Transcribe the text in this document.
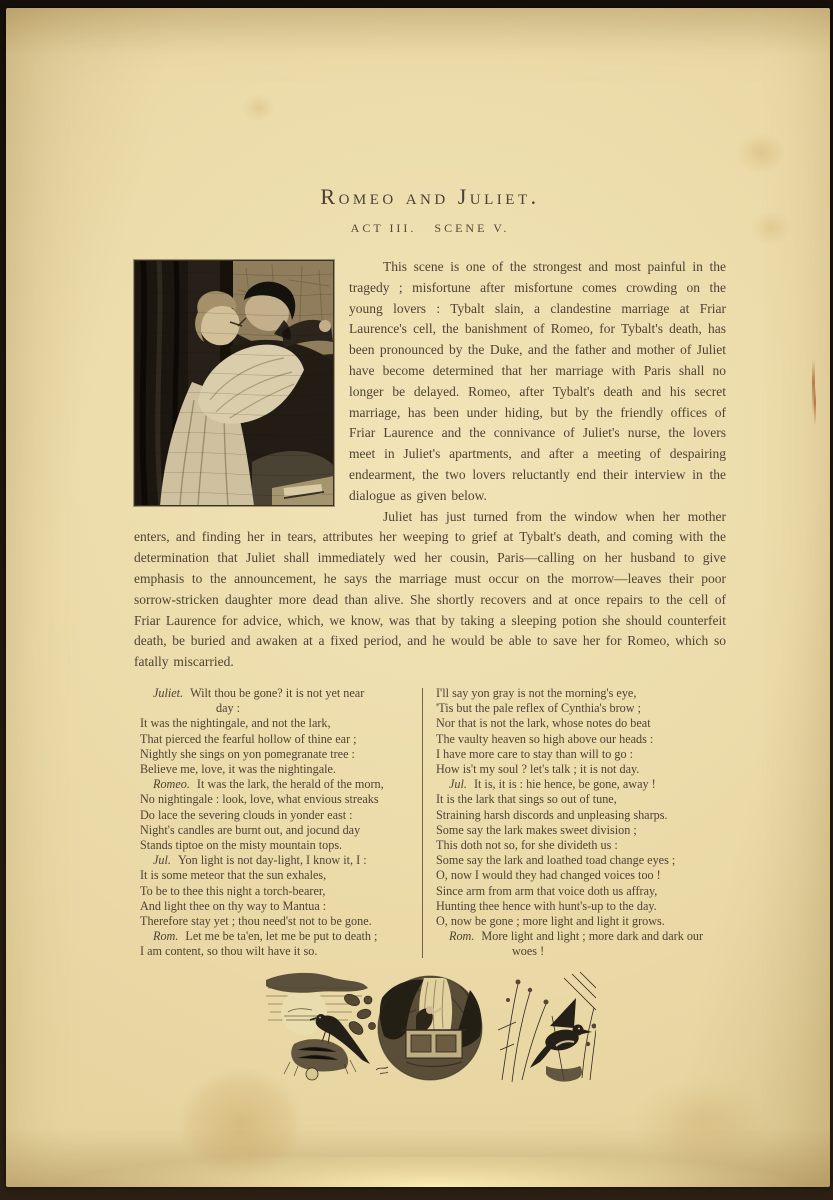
Romeo and Juliet.
ACT III.   SCENE V.

This scene is one of the strongest and most painful in the tragedy ; misfortune after misfortune comes crowding on the young lovers : Tybalt slain, a clandestine marriage at Friar Laurence's cell, the banishment of Romeo, for Tybalt's death, has been pronounced by the Duke, and the father and mother of Juliet have become determined that her marriage with Paris shall no longer be delayed. Romeo, after Tybalt's death and his secret marriage, has been under hiding, but by the friendly offices of Friar Laurence and the connivance of Juliet's nurse, the lovers meet in Juliet's apartments, and after a meeting of despairing endearment, the two lovers reluctantly end their interview in the dialogue as given below.

Juliet has just turned from the window when her mother enters, and finding her in tears, attributes her weeping to grief at Tybalt's death, and coming with the determination that Juliet shall immediately wed her cousin, Paris—calling on her husband to give emphasis to the announcement, he says the marriage must occur on the morrow—leaves their poor sorrow-stricken daughter more dead than alive. She shortly recovers and at once repairs to the cell of Friar Laurence for advice, which, we know, was that by taking a sleeping potion she should counterfeit death, be buried and awaken at a fixed period, and he would be able to save her for Romeo, which so fatally miscarried.

Juliet. Wilt thou be gone? it is not yet near
day :
It was the nightingale, and not the lark,
That pierced the fearful hollow of thine ear ;
Nightly she sings on yon pomegranate tree :
Believe me, love, it was the nightingale.
Romeo. It was the lark, the herald of the morn,
No nightingale : look, love, what envious streaks
Do lace the severing clouds in yonder east :
Night's candles are burnt out, and jocund day
Stands tiptoe on the misty mountain tops.
Jul. Yon light is not day-light, I know it, I :
It is some meteor that the sun exhales,
To be to thee this night a torch-bearer,
And light thee on thy way to Mantua :
Therefore stay yet ; thou need'st not to be gone.
Rom. Let me be ta'en, let me be put to death ;
I am content, so thou wilt have it so.
I'll say yon gray is not the morning's eye,
'Tis but the pale reflex of Cynthia's brow ;
Nor that is not the lark, whose notes do beat
The vaulty heaven so high above our heads :
I have more care to stay than will to go :
How is't my soul ? let's talk ; it is not day.
Jul. It is, it is : hie hence, be gone, away !
It is the lark that sings so out of tune,
Straining harsh discords and unpleasing sharps.
Some say the lark makes sweet division ;
This doth not so, for she divideth us :
Some say the lark and loathed toad change eyes ;
O, now I would they had changed voices too !
Since arm from arm that voice doth us affray,
Hunting thee hence with hunt's-up to the day.
O, now be gone ; more light and light it grows.
Rom. More light and light ; more dark and dark our
woes !
